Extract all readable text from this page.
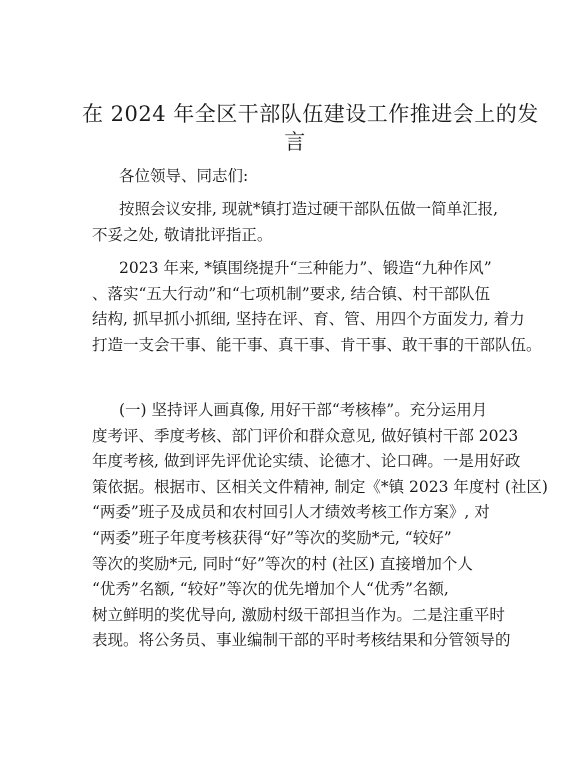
在 2024 年全区干部队伍建设工作推进会上的发
言

各位领导、同志们:

按照会议安排, 现就*镇打造过硬干部队伍做一简单汇报,
不妥之处, 敬请批评指正。

2023 年来, *镇围绕提升“三种能力”、锻造“九种作风”
、落实“五大行动”和“七项机制”要求, 结合镇、村干部队伍
结构, 抓早抓小抓细, 坚持在评、育、管、用四个方面发力, 着力
打造一支会干事、能干事、真干事、肯干事、敢干事的干部队伍。

(一) 坚持评人画真像, 用好干部“考核棒”。充分运用月
度考评、季度考核、部门评价和群众意见, 做好镇村干部 2023
年度考核, 做到评先评优论实绩、论德才、论口碑。一是用好政
策依据。根据市、区相关文件精神, 制定《*镇 2023 年度村 (社区)
“两委”班子及成员和农村回引人才绩效考核工作方案》, 对
“两委”班子年度考核获得“好”等次的奖励*元, “较好”
等次的奖励*元, 同时“好”等次的村 (社区) 直接增加个人
“优秀”名额, “较好”等次的优先增加个人“优秀”名额,
树立鲜明的奖优导向, 激励村级干部担当作为。二是注重平时
表现。将公务员、事业编制干部的平时考核结果和分管领导的
